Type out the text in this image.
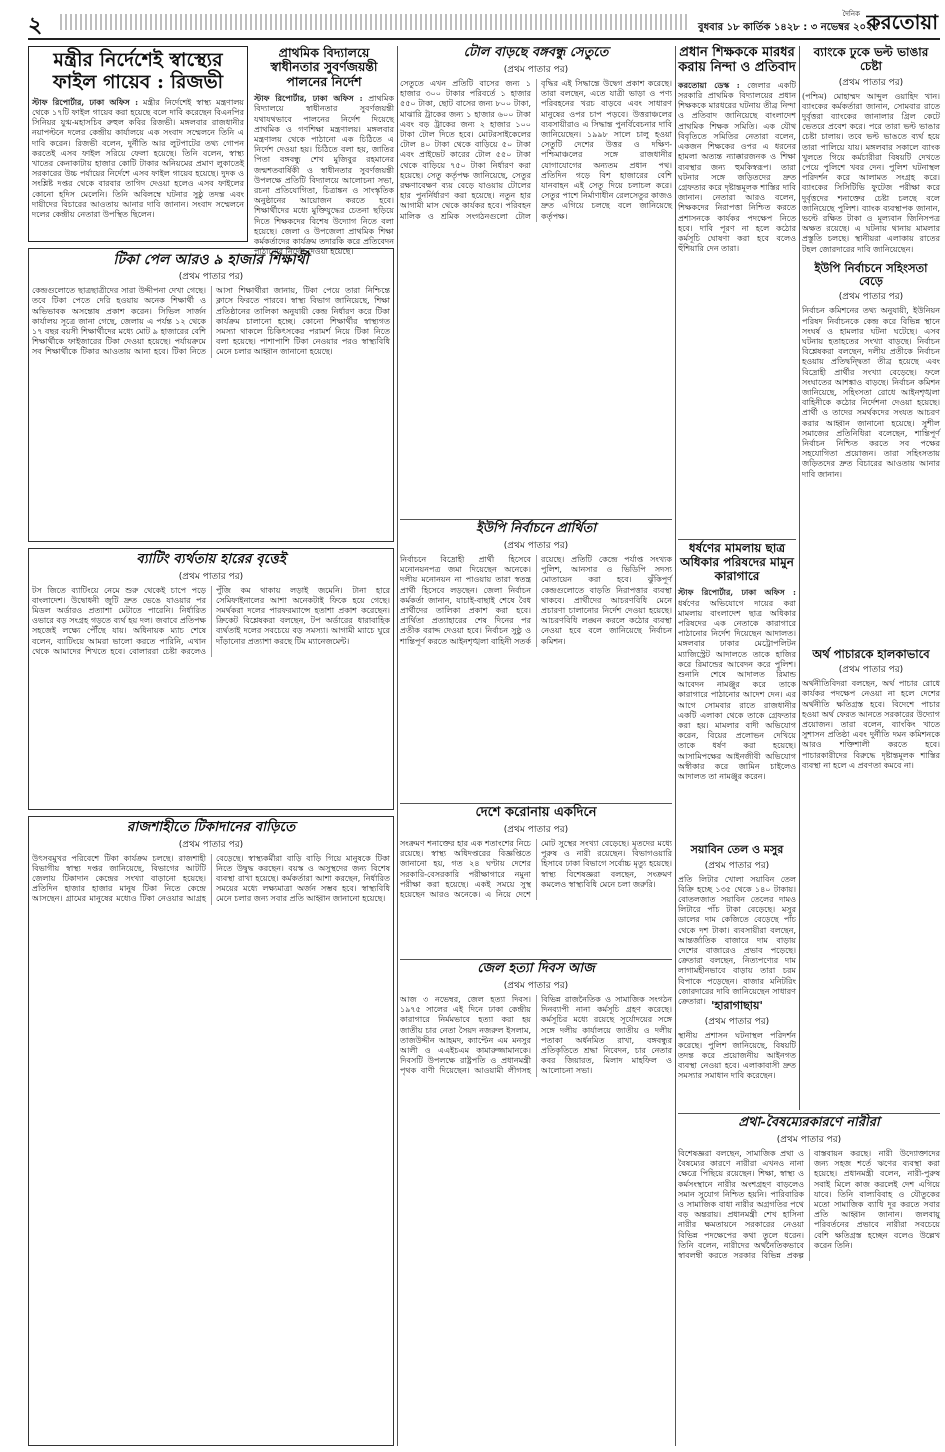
২	বুধবার ১৮ কার্তিক ১৪২৮ : ৩ নভেম্বর ২০২১
দৈনিক করতোয়া
মন্ত্রীর নির্দেশেই স্বাস্থ্যের ফাইল গায়েব : রিজভী
স্টাফ রিপোর্টার, ঢাকা অফিস : মন্ত্রীর নির্দেশেই স্বাস্থ্য মন্ত্রণালয় থেকে ১৭টি ফাইল গায়েব করা হয়েছে বলে দাবি করেছেন বিএনপির সিনিয়র যুগ্ম-মহাসচিব রুহুল কবির রিজভী। মঙ্গলবার রাজধানীর নয়াপল্টনে দলের কেন্দ্রীয় কার্যালয়ে এক সংবাদ সম্মেলনে তিনি এ দাবি করেন। রিজভী বলেন, দুর্নীতি আর লুটপাটের তথ্য গোপন করতেই এসব ফাইল সরিয়ে ফেলা হয়েছে। তিনি বলেন, স্বাস্থ্য খাতের কেনাকাটায় হাজার কোটি টাকার অনিয়মের প্রমাণ লুকাতেই সরকারের উচ্চ পর্যায়ের নির্দেশে এসব ফাইল গায়েব হয়েছে। দুদক ও সংশ্লিষ্ট দপ্তর থেকে বারবার তাগিদ দেওয়া হলেও এসব ফাইলের কোনো হদিস মেলেনি। তিনি অবিলম্বে ঘটনার সুষ্ঠু তদন্ত এবং দায়ীদের বিচারের আওতায় আনার দাবি জানান। সংবাদ সম্মেলনে দলের কেন্দ্রীয় নেতারা উপস্থিত ছিলেন।
প্রাথমিক বিদ্যালয়ে স্বাধীনতার সুবর্ণজয়ন্তী পালনের নির্দেশ
স্টাফ রিপোর্টার, ঢাকা অফিস : প্রাথমিক বিদ্যালয়ে স্বাধীনতার সুবর্ণজয়ন্তী যথাযথভাবে পালনের নির্দেশ দিয়েছে প্রাথমিক ও গণশিক্ষা মন্ত্রণালয়। মঙ্গলবার মন্ত্রণালয় থেকে পাঠানো এক চিঠিতে এ নির্দেশ দেওয়া হয়। চিঠিতে বলা হয়, জাতির পিতা বঙ্গবন্ধু শেখ মুজিবুর রহমানের জন্মশতবার্ষিকী ও স্বাধীনতার সুবর্ণজয়ন্তী উপলক্ষে প্রতিটি বিদ্যালয়ে আলোচনা সভা, রচনা প্রতিযোগিতা, চিত্রাঙ্কন ও সাংস্কৃতিক অনুষ্ঠানের আয়োজন করতে হবে। শিক্ষার্থীদের মধ্যে মুক্তিযুদ্ধের চেতনা ছড়িয়ে দিতে শিক্ষকদের বিশেষ উদ্যোগ নিতে বলা হয়েছে। জেলা ও উপজেলা প্রাথমিক শিক্ষা কর্মকর্তাদের কার্যক্রম তদারকি করে প্রতিবেদন পাঠানোর নির্দেশ দেওয়া হয়েছে।
টোল বাড়ছে বঙ্গবন্ধু সেতুতে
(প্রথম পাতার পর)
সেতুতে এখন প্রতিটি বাসের জন্য ১ হাজার ৩০০ টাকার পরিবর্তে ১ হাজার ৫৫০ টাকা, ছোট বাসের জন্য ৮০০ টাকা, মাঝারি ট্রাকের জন্য ১ হাজার ৬০০ টাকা এবং বড় ট্রাকের জন্য ২ হাজার ১০০ টাকা টোল দিতে হবে। মোটরসাইকেলের টোল ৪০ টাকা থেকে বাড়িয়ে ৫০ টাকা এবং প্রাইভেট কারের টোল ৫৫০ টাকা থেকে বাড়িয়ে ৭৫০ টাকা নির্ধারণ করা হয়েছে। সেতু কর্তৃপক্ষ জানিয়েছে, সেতুর রক্ষণাবেক্ষণ ব্যয় বেড়ে যাওয়ায় টোলের হার পুনর্নির্ধারণ করা হয়েছে। নতুন হার আগামী মাস থেকে কার্যকর হবে। পরিবহন মালিক ও শ্রমিক সংগঠনগুলো টোল বৃদ্ধির এই সিদ্ধান্তে উদ্বেগ প্রকাশ করেছে। তারা বলছেন, এতে যাত্রী ভাড়া ও পণ্য পরিবহনের খরচ বাড়বে এবং সাধারণ মানুষের ওপর চাপ পড়বে। উত্তরাঞ্চলের ব্যবসায়ীরাও এ সিদ্ধান্ত পুনর্বিবেচনার দাবি জানিয়েছেন। ১৯৯৮ সালে চালু হওয়া সেতুটি দেশের উত্তর ও দক্ষিণ-পশ্চিমাঞ্চলের সঙ্গে রাজধানীর যোগাযোগের অন্যতম প্রধান পথ। প্রতিদিন গড়ে বিশ হাজারের বেশি যানবাহন এই সেতু দিয়ে চলাচল করে। সেতুর পাশে নির্মাণাধীন রেলসেতুর কাজও দ্রুত এগিয়ে চলছে বলে জানিয়েছে কর্তৃপক্ষ।
প্রধান শিক্ষককে মারধর করায় নিন্দা ও প্রতিবাদ
করতোয়া ডেস্ক : জেলার একটি সরকারি প্রাথমিক বিদ্যালয়ের প্রধান শিক্ষককে মারধরের ঘটনায় তীব্র নিন্দা ও প্রতিবাদ জানিয়েছে বাংলাদেশ প্রাথমিক শিক্ষক সমিতি। এক যৌথ বিবৃতিতে সমিতির নেতারা বলেন, একজন শিক্ষকের ওপর এ ধরনের হামলা অত্যন্ত ন্যাক্কারজনক ও শিক্ষা ব্যবস্থার জন্য হুমকিস্বরূপ। তারা ঘটনার সঙ্গে জড়িতদের দ্রুত গ্রেফতার করে দৃষ্টান্তমূলক শাস্তির দাবি জানান। নেতারা আরও বলেন, শিক্ষকদের নিরাপত্তা নিশ্চিত করতে প্রশাসনকে কার্যকর পদক্ষেপ নিতে হবে। দাবি পূরণ না হলে কঠোর কর্মসূচি ঘোষণা করা হবে বলেও হুঁশিয়ারি দেন তারা।
ব্যাংকে ঢুকে ভল্ট ভাঙার চেষ্টা
(প্রথম পাতার পর)
(পশ্চিম) মোহাম্মদ আব্দুল ওয়াহিদ খান। ব্যাংকের কর্মকর্তারা জানান, সোমবার রাতে দুর্বৃত্তরা ব্যাংকের জানালার গ্রিল কেটে ভেতরে প্রবেশ করে। পরে তারা ভল্ট ভাঙার চেষ্টা চালায়। তবে ভল্ট ভাঙতে ব্যর্থ হয়ে তারা পালিয়ে যায়। মঙ্গলবার সকালে ব্যাংক খুলতে গিয়ে কর্মচারীরা বিষয়টি দেখতে পেয়ে পুলিশে খবর দেন। পুলিশ ঘটনাস্থল পরিদর্শন করে আলামত সংগ্রহ করে। ব্যাংকের সিসিটিভি ফুটেজ পরীক্ষা করে দুর্বৃত্তদের শনাক্তের চেষ্টা চলছে বলে জানিয়েছে পুলিশ। ব্যাংক ব্যবস্থাপক জানান, ভল্টে রক্ষিত টাকা ও মূল্যবান জিনিসপত্র অক্ষত রয়েছে। এ ঘটনায় থানায় মামলার প্রস্তুতি চলছে। স্থানীয়রা এলাকায় রাতের টহল জোরদারের দাবি জানিয়েছেন।
টিকা পেল আরও ৯ হাজার শিক্ষার্থী
(প্রথম পাতার পর)
কেন্দ্রগুলোতে ছাত্রছাত্রীদের সারা উদ্দীপনা দেখা গেছে। তবে টিকা পেতে দেরি হওয়ায় অনেক শিক্ষার্থী ও অভিভাবক অসন্তোষ প্রকাশ করেন। সিভিল সার্জন কার্যালয় সূত্রে জানা গেছে, জেলায় এ পর্যন্ত ১২ থেকে ১৭ বছর বয়সী শিক্ষার্থীদের মধ্যে মোট ৯ হাজারের বেশি শিক্ষার্থীকে ফাইজারের টিকা দেওয়া হয়েছে। পর্যায়ক্রমে সব শিক্ষার্থীকে টিকার আওতায় আনা হবে। টিকা নিতে আসা শিক্ষার্থীরা জানায়, টিকা পেয়ে তারা নিশ্চিন্তে ক্লাসে ফিরতে পারবে। স্বাস্থ্য বিভাগ জানিয়েছে, শিক্ষা প্রতিষ্ঠানের তালিকা অনুযায়ী কেন্দ্র নির্ধারণ করে টিকা কার্যক্রম চালানো হচ্ছে। কোনো শিক্ষার্থীর স্বাস্থ্যগত সমস্যা থাকলে চিকিৎসকের পরামর্শ নিয়ে টিকা নিতে বলা হয়েছে। পাশাপাশি টিকা নেওয়ার পরও স্বাস্থ্যবিধি মেনে চলার আহ্বান জানানো হয়েছে।
ইউপি নির্বাচনে সহিংসতা বেড়ে
(প্রথম পাতার পর)
নির্বাচন কমিশনের তথ্য অনুযায়ী, ইউনিয়ন পরিষদ নির্বাচনকে কেন্দ্র করে বিভিন্ন স্থানে সংঘর্ষ ও হামলার ঘটনা ঘটেছে। এসব ঘটনায় হতাহতের সংখ্যা বাড়ছে। নির্বাচন বিশ্লেষকরা বলছেন, দলীয় প্রতীকে নির্বাচন হওয়ায় প্রতিদ্বন্দ্বিতা তীব্র হয়েছে এবং বিদ্রোহী প্রার্থীর সংখ্যা বেড়েছে। ফলে সংঘাতের আশঙ্কাও বাড়ছে। নির্বাচন কমিশন জানিয়েছে, সহিংসতা রোধে আইনশৃঙ্খলা বাহিনীকে কঠোর নির্দেশনা দেওয়া হয়েছে। প্রার্থী ও তাদের সমর্থকদের সংযত আচরণ করার আহ্বান জানানো হয়েছে। সুশীল সমাজের প্রতিনিধিরা বলেছেন, শান্তিপূর্ণ নির্বাচন নিশ্চিত করতে সব পক্ষের সহযোগিতা প্রয়োজন। তারা সহিংসতায় জড়িতদের দ্রুত বিচারের আওতায় আনার দাবি জানান।
ইউপি নির্বাচনে প্রার্থিতা
(প্রথম পাতার পর)
নির্বাচনে বিদ্রোহী প্রার্থী হিসেবে মনোনয়নপত্র জমা দিয়েছেন অনেকে। দলীয় মনোনয়ন না পাওয়ায় তারা স্বতন্ত্র প্রার্থী হিসেবে লড়ছেন। জেলা নির্বাচন কর্মকর্তা জানান, যাচাই-বাছাই শেষে বৈধ প্রার্থীদের তালিকা প্রকাশ করা হবে। প্রার্থিতা প্রত্যাহারের শেষ দিনের পর প্রতীক বরাদ্দ দেওয়া হবে। নির্বাচন সুষ্ঠু ও শান্তিপূর্ণ করতে আইনশৃঙ্খলা বাহিনী সতর্ক রয়েছে। প্রতিটি কেন্দ্রে পর্যাপ্ত সংখ্যক পুলিশ, আনসার ও ভিডিপি সদস্য মোতায়েন করা হবে। ঝুঁকিপূর্ণ কেন্দ্রগুলোতে বাড়তি নিরাপত্তার ব্যবস্থা থাকবে। প্রার্থীদের আচরণবিধি মেনে প্রচারণা চালানোর নির্দেশ দেওয়া হয়েছে। আচরণবিধি লঙ্ঘন করলে কঠোর ব্যবস্থা নেওয়া হবে বলে জানিয়েছে নির্বাচন কমিশন।
ধর্ষণের মামলায় ছাত্র অধিকার পরিষদের মামুন কারাগারে
স্টাফ রিপোর্টার, ঢাকা অফিস : ধর্ষণের অভিযোগে দায়ের করা মামলায় বাংলাদেশ ছাত্র অধিকার পরিষদের এক নেতাকে কারাগারে পাঠানোর নির্দেশ দিয়েছেন আদালত। মঙ্গলবার ঢাকার মেট্রোপলিটন ম্যাজিস্ট্রেট আদালতে তাকে হাজির করে রিমান্ডের আবেদন করে পুলিশ। শুনানি শেষে আদালত রিমান্ড আবেদন নামঞ্জুর করে তাকে কারাগারে পাঠানোর আদেশ দেন। এর আগে সোমবার রাতে রাজধানীর একটি এলাকা থেকে তাকে গ্রেফতার করা হয়। মামলার বাদী অভিযোগ করেন, বিয়ের প্রলোভন দেখিয়ে তাকে ধর্ষণ করা হয়েছে। আসামিপক্ষের আইনজীবী অভিযোগ অস্বীকার করে জামিন চাইলেও আদালত তা নামঞ্জুর করেন।
ব্যাটিং ব্যর্থতায় হারের বৃত্তেই
(প্রথম পাতার পর)
টস জিতে ব্যাটিংয়ে নেমে শুরু থেকেই চাপে পড়ে বাংলাদেশ। উদ্বোধনী জুটি দ্রুত ভেঙে যাওয়ার পর মিডল অর্ডারও প্রত্যাশা মেটাতে পারেনি। নির্ধারিত ওভারে বড় সংগ্রহ গড়তে ব্যর্থ হয় দল। জবাবে প্রতিপক্ষ সহজেই লক্ষ্যে পৌঁছে যায়। অধিনায়ক ম্যাচ শেষে বলেন, ব্যাটিংয়ে আমরা ভালো করতে পারিনি, এখান থেকে আমাদের শিখতে হবে। বোলাররা চেষ্টা করলেও পুঁজি কম থাকায় লড়াই জমেনি। টানা হারে সেমিফাইনালের আশা অনেকটাই ফিকে হয়ে গেছে। সমর্থকরা দলের পারফরম্যান্সে হতাশা প্রকাশ করেছেন। ক্রিকেট বিশ্লেষকরা বলছেন, টপ অর্ডারের ধারাবাহিক ব্যর্থতাই দলের সবচেয়ে বড় সমস্যা। আগামী ম্যাচে ঘুরে দাঁড়ানোর প্রত্যাশা করছে টিম ম্যানেজমেন্ট।
অর্থ পাচারকে হালকাভাবে
(প্রথম পাতার পর)
অর্থনীতিবিদরা বলছেন, অর্থ পাচার রোধে কার্যকর পদক্ষেপ নেওয়া না হলে দেশের অর্থনীতি ক্ষতিগ্রস্ত হবে। বিদেশে পাচার হওয়া অর্থ ফেরত আনতে সরকারের উদ্যোগ প্রয়োজন। তারা বলেন, ব্যাংকিং খাতে সুশাসন প্রতিষ্ঠা এবং দুর্নীতি দমন কমিশনকে আরও শক্তিশালী করতে হবে। পাচারকারীদের বিরুদ্ধে দৃষ্টান্তমূলক শাস্তির ব্যবস্থা না হলে এ প্রবণতা কমবে না।
দেশে করোনায় একদিনে
(প্রথম পাতার পর)
সংক্রমণ শনাক্তের হার এক শতাংশের নিচে রয়েছে। স্বাস্থ্য অধিদপ্তরের বিজ্ঞপ্তিতে জানানো হয়, গত ২৪ ঘণ্টায় দেশের সরকারি-বেসরকারি পরীক্ষাগারে নমুনা পরীক্ষা করা হয়েছে। একই সময়ে সুস্থ হয়েছেন আরও অনেকে। এ নিয়ে দেশে মোট সুস্থের সংখ্যা বেড়েছে। মৃতদের মধ্যে পুরুষ ও নারী রয়েছেন। বিভাগওয়ারি হিসাবে ঢাকা বিভাগে সর্বোচ্চ মৃত্যু হয়েছে। স্বাস্থ্য বিশেষজ্ঞরা বলছেন, সংক্রমণ কমলেও স্বাস্থ্যবিধি মেনে চলা জরুরি।
রাজশাহীতে টিকাদানের বাড়িতে
(প্রথম পাতার পর)
উৎসবমুখর পরিবেশে টিকা কার্যক্রম চলছে। রাজশাহী বিভাগীয় স্বাস্থ্য দপ্তর জানিয়েছে, বিভাগের আটটি জেলায় টিকাদান কেন্দ্রের সংখ্যা বাড়ানো হয়েছে। প্রতিদিন হাজার হাজার মানুষ টিকা নিতে কেন্দ্রে আসছেন। গ্রামের মানুষের মধ্যেও টিকা নেওয়ার আগ্রহ বেড়েছে। স্বাস্থ্যকর্মীরা বাড়ি বাড়ি গিয়ে মানুষকে টিকা নিতে উদ্বুদ্ধ করছেন। বয়স্ক ও অসুস্থদের জন্য বিশেষ ব্যবস্থা রাখা হয়েছে। কর্মকর্তারা আশা করছেন, নির্ধারিত সময়ের মধ্যে লক্ষ্যমাত্রা অর্জন সম্ভব হবে। স্বাস্থ্যবিধি মেনে চলার জন্য সবার প্রতি আহ্বান জানানো হয়েছে।
সয়াবিন তেল ও মসুর
(প্রথম পাতার পর)
প্রতি লিটার খোলা সয়াবিন তেল বিক্রি হচ্ছে ১৩৫ থেকে ১৪০ টাকায়। বোতলজাত সয়াবিন তেলের দামও লিটারে পাঁচ টাকা বেড়েছে। মসুর ডালের দাম কেজিতে বেড়েছে পাঁচ থেকে দশ টাকা। ব্যবসায়ীরা বলছেন, আন্তর্জাতিক বাজারে দাম বাড়ায় দেশের বাজারেও প্রভাব পড়েছে। ক্রেতারা বলছেন, নিত্যপণ্যের দাম লাগামহীনভাবে বাড়ায় তারা চরম বিপাকে পড়েছেন। বাজার মনিটরিং জোরদারের দাবি জানিয়েছেন সাধারণ ক্রেতারা।
জেল হত্যা দিবস আজ
(প্রথম পাতার পর)
আজ ৩ নভেম্বর, জেল হত্যা দিবস। ১৯৭৫ সালের এই দিনে ঢাকা কেন্দ্রীয় কারাগারে নির্মমভাবে হত্যা করা হয় জাতীয় চার নেতা সৈয়দ নজরুল ইসলাম, তাজউদ্দীন আহমদ, ক্যাপ্টেন এম মনসুর আলী ও এএইচএম কামারুজ্জামানকে। দিবসটি উপলক্ষে রাষ্ট্রপতি ও প্রধানমন্ত্রী পৃথক বাণী দিয়েছেন। আওয়ামী লীগসহ বিভিন্ন রাজনৈতিক ও সামাজিক সংগঠন দিনব্যাপী নানা কর্মসূচি গ্রহণ করেছে। কর্মসূচির মধ্যে রয়েছে সূর্যোদয়ের সঙ্গে সঙ্গে দলীয় কার্যালয়ে জাতীয় ও দলীয় পতাকা অর্ধনমিত রাখা, বঙ্গবন্ধুর প্রতিকৃতিতে শ্রদ্ধা নিবেদন, চার নেতার কবর জিয়ারত, মিলাদ মাহফিল ও আলোচনা সভা।
'হারাগাছায়'
(প্রথম পাতার পর)
স্থানীয় প্রশাসন ঘটনাস্থল পরিদর্শন করেছে। পুলিশ জানিয়েছে, বিষয়টি তদন্ত করে প্রয়োজনীয় আইনগত ব্যবস্থা নেওয়া হবে। এলাকাবাসী দ্রুত সমস্যার সমাধান দাবি করেছেন।
প্রথা-বৈষম্যেরকারণে নারীরা
(প্রথম পাতার পর)
বিশেষজ্ঞরা বলছেন, সামাজিক প্রথা ও বৈষম্যের কারণে নারীরা এখনও নানা ক্ষেত্রে পিছিয়ে রয়েছেন। শিক্ষা, স্বাস্থ্য ও কর্মসংস্থানে নারীর অংশগ্রহণ বাড়লেও সমান সুযোগ নিশ্চিত হয়নি। পারিবারিক ও সামাজিক বাধা নারীর অগ্রগতির পথে বড় অন্তরায়। প্রধানমন্ত্রী শেখ হাসিনা নারীর ক্ষমতায়নে সরকারের নেওয়া বিভিন্ন পদক্ষেপের কথা তুলে ধরেন। তিনি বলেন, নারীদের অর্থনৈতিকভাবে স্বাবলম্বী করতে সরকার বিভিন্ন প্রকল্প বাস্তবায়ন করছে। নারী উদ্যোক্তাদের জন্য সহজ শর্তে ঋণের ব্যবস্থা করা হয়েছে। প্রধানমন্ত্রী বলেন, নারী-পুরুষ সবাই মিলে কাজ করলেই দেশ এগিয়ে যাবে। তিনি বাল্যবিবাহ ও যৌতুকের মতো সামাজিক ব্যাধি দূর করতে সবার প্রতি আহ্বান জানান। জলবায়ু পরিবর্তনের প্রভাবে নারীরা সবচেয়ে বেশি ক্ষতিগ্রস্ত হচ্ছেন বলেও উল্লেখ করেন তিনি।
